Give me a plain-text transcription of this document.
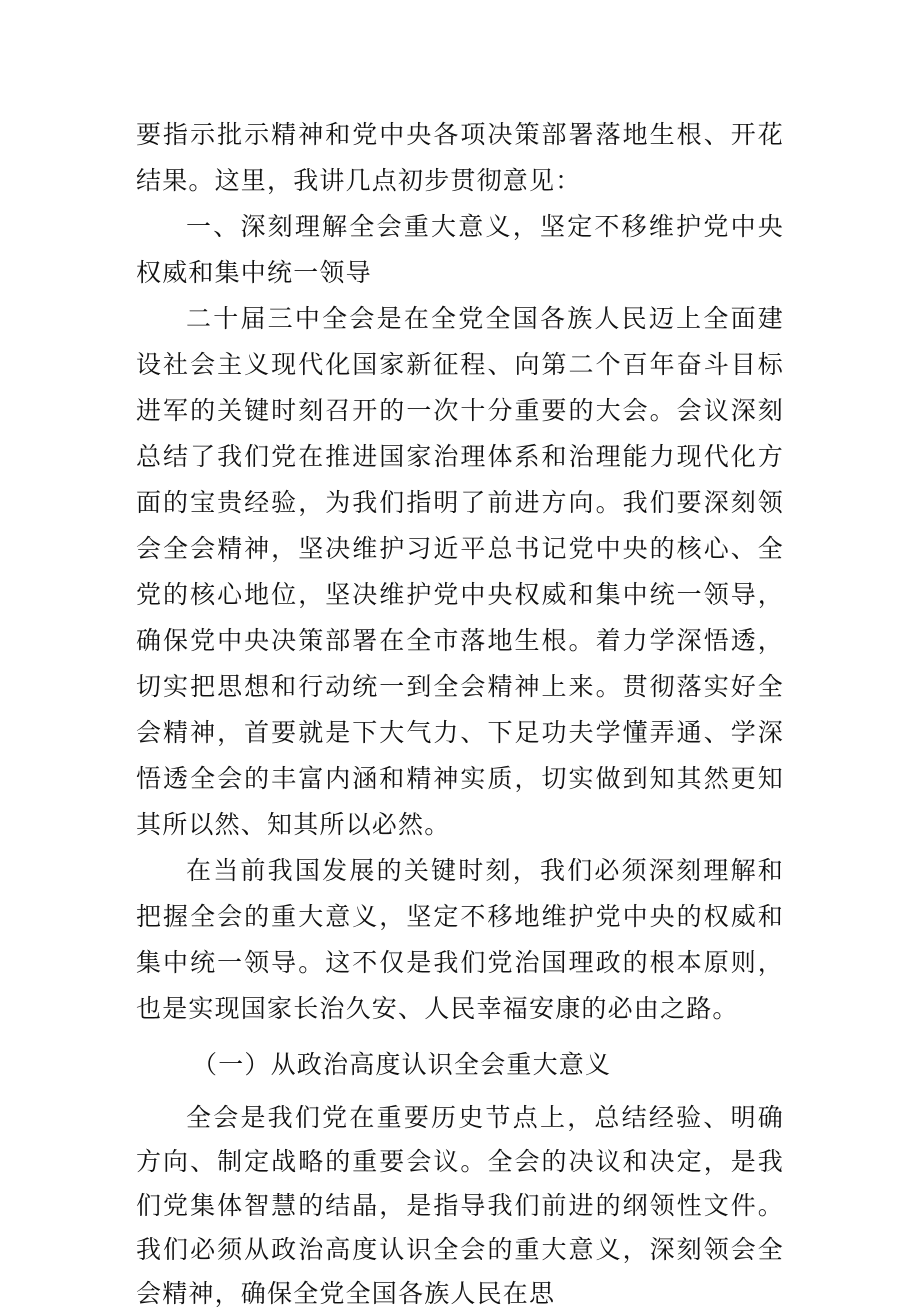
要指示批示精神和党中央各项决策部署落地生根、开花结果。这里，我讲几点初步贯彻意见：

一、深刻理解全会重大意义，坚定不移维护党中央权威和集中统一领导

二十届三中全会是在全党全国各族人民迈上全面建设社会主义现代化国家新征程、向第二个百年奋斗目标进军的关键时刻召开的一次十分重要的大会。会议深刻总结了我们党在推进国家治理体系和治理能力现代化方面的宝贵经验，为我们指明了前进方向。我们要深刻领会全会精神，坚决维护习近平总书记党中央的核心、全党的核心地位，坚决维护党中央权威和集中统一领导，确保党中央决策部署在全市落地生根。着力学深悟透，切实把思想和行动统一到全会精神上来。贯彻落实好全会精神，首要就是下大气力、下足功夫学懂弄通、学深悟透全会的丰富内涵和精神实质，切实做到知其然更知其所以然、知其所以必然。

在当前我国发展的关键时刻，我们必须深刻理解和把握全会的重大意义，坚定不移地维护党中央的权威和集中统一领导。这不仅是我们党治国理政的根本原则，也是实现国家长治久安、人民幸福安康的必由之路。

（一）从政治高度认识全会重大意义

全会是我们党在重要历史节点上，总结经验、明确方向、制定战略的重要会议。全会的决议和决定，是我们党集体智慧的结晶，是指导我们前进的纲领性文件。我们必须从政治高度认识全会的重大意义，深刻领会全会精神，确保全党全国各族人民在思
